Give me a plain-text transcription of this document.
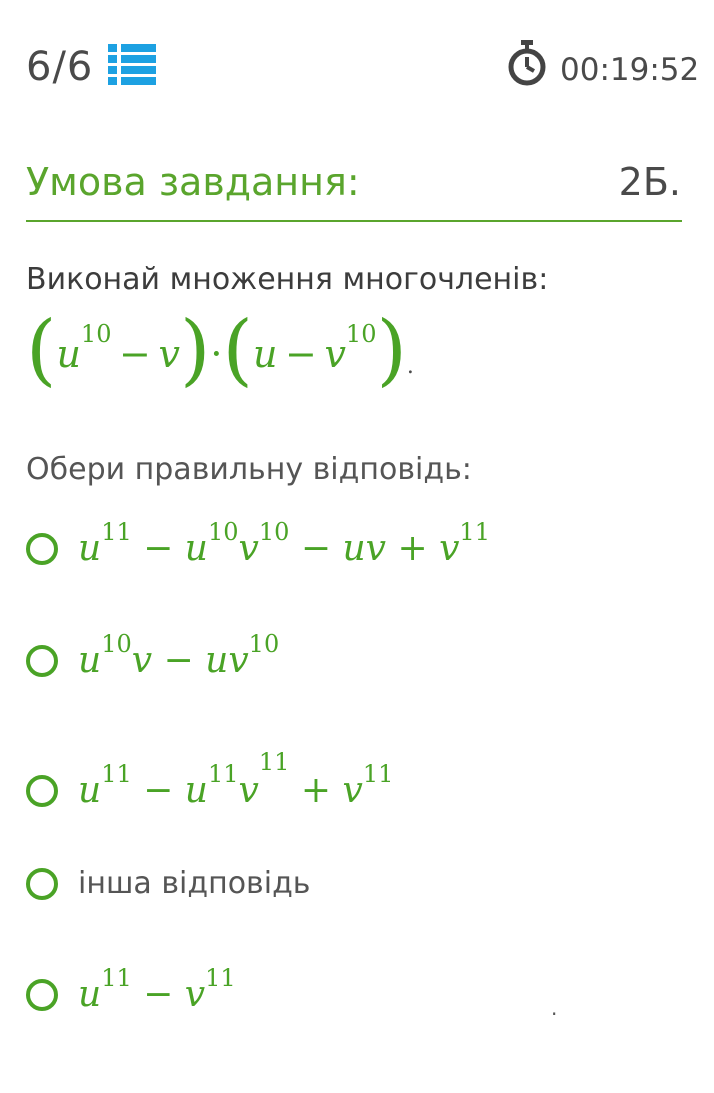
6/6	00:19:52
Умова завдання:	2Б.
Виконай множення многочленів:
( u 10  −  v ) · ( u  −  v 10 ) .
Обери правильну відповідь:
$u^{11} - u^{10}v^{10}$ − uv + $v^{11}$
$u^{10}v - uv^{10}$
$u^{11} - u^{11}v^{11} + v^{11}$
інша відповідь
$u^{11} - v^{11}$
.
